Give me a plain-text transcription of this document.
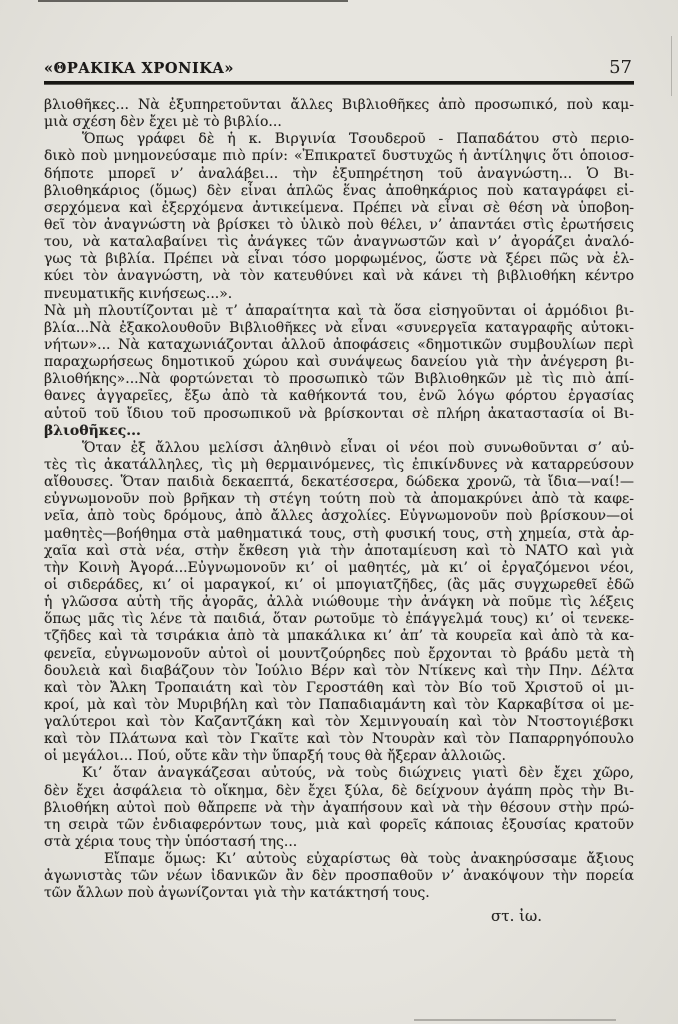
«ΘΡΑΚΙΚΑ ΧΡΟΝΙΚΑ»	57
βλιοθῆκες... Νὰ ἐξυπηρετοῦνται ἄλλες Βιβλιοθῆκες ἀπὸ προσωπικό, ποὺ καμ-
μιὰ σχέση δὲν ἔχει μὲ τὸ βιβλίο...
Ὅπως γράφει δὲ ἡ κ. Βιργινία Τσουδεροῦ - Παπαδάτου στὸ περιο-
δικὸ ποὺ μνημονεύσαμε πιὸ πρίν: «Ἐπικρατεῖ δυστυχῶς ἡ ἀντίληψις ὅτι ὁποιοσ-
δήποτε μπορεῖ ν’ ἀναλάβει... τὴν ἐξυπηρέτηση τοῦ ἀναγνώστη... Ὁ Βι-
βλιοθηκάριος (ὅμως) δὲν εἶναι ἁπλῶς ἕνας ἀποθηκάριος ποὺ καταγράφει εἰ-
σερχόμενα καὶ ἐξερχόμενα ἀντικείμενα. Πρέπει νὰ εἶναι σὲ θέση νὰ ὑποβοη-
θεῖ τὸν ἀναγνώστη νὰ βρίσκει τὸ ὑλικὸ ποὺ θέλει, ν’ ἀπαντάει στὶς ἐρωτήσεις
του, νὰ καταλαβαίνει τὶς ἀνάγκες τῶν ἀναγνωστῶν καὶ ν’ ἀγοράζει ἀναλό-
γως τὰ βιβλία. Πρέπει νὰ εἶναι τόσο μορφωμένος, ὥστε νὰ ξέρει πῶς νὰ ἑλ-
κύει τὸν ἀναγνώστη, νὰ τὸν κατευθύνει καὶ νὰ κάνει τὴ βιβλιοθήκη κέντρο
πνευματικῆς κινήσεως...».
Νὰ μὴ πλουτίζονται μὲ τ’ ἀπαραίτητα καὶ τὰ ὅσα εἰσηγοῦνται οἱ ἁρμόδιοι βι-
βλία...Νὰ ἐξακολουθοῦν Βιβλιοθῆκες νὰ εἶναι «συνεργεῖα καταγραφῆς αὐτοκι-
νήτων»... Νὰ καταχωνιάζονται ἀλλοῦ ἀποφάσεις «δημοτικῶν συμβουλίων περὶ
παραχωρήσεως δημοτικοῦ χώρου καὶ συνάψεως δανείου γιὰ τὴν ἀνέγερση βι-
βλιοθήκης»...Νὰ φορτώνεται τὸ προσωπικὸ τῶν Βιβλιοθηκῶν μὲ τὶς πιὸ ἀπί-
θανες ἀγγαρεῖες, ἔξω ἀπὸ τὰ καθήκοντά του, ἐνῶ λόγω φόρτου ἐργασίας
αὐτοῦ τοῦ ἴδιου τοῦ προσωπικοῦ νὰ βρίσκονται σὲ πλήρη ἀκαταστασία οἱ Βι-
βλιοθῆκες...
Ὅταν ἐξ ἄλλου μελίσσι ἀληθινὸ εἶναι οἱ νέοι ποὺ συνωθοῦνται σ’ αὐ-
τὲς τὶς ἀκατάλληλες, τὶς μὴ θερμαινόμενες, τὶς ἐπικίνδυνες νὰ καταρρεύσουν
αἴθουσες. Ὅταν παιδιὰ δεκαεπτά, δεκατέσσερα, δώδεκα χρονῶ, τὰ ἴδια—ναί!—
εὐγνωμονοῦν ποὺ βρῆκαν τὴ στέγη τούτη ποὺ τὰ ἀπομακρύνει ἀπὸ τὰ καφε-
νεῖα, ἀπὸ τοὺς δρόμους, ἀπὸ ἄλλες ἀσχολίες. Εὐγνωμονοῦν ποὺ βρίσκουν—οἱ
μαθητὲς—βοήθημα στὰ μαθηματικά τους, στὴ φυσική τους, στὴ χημεία, στὰ ἀρ-
χαῖα καὶ στὰ νέα, στὴν ἔκθεση γιὰ τὴν ἀποταμίευση καὶ τὸ ΝΑΤΟ καὶ γιὰ
τὴν Κοινὴ Ἀγορά...Εὐγνωμονοῦν κι’ οἱ μαθητές, μὰ κι’ οἱ ἐργαζόμενοι νέοι,
οἱ σιδεράδες, κι’ οἱ μαραγκοί, κι’ οἱ μπογιατζῆδες, (ἂς μᾶς συγχωρεθεῖ ἐδῶ
ἡ γλῶσσα αὐτὴ τῆς ἀγορᾶς, ἀλλὰ νιώθουμε τὴν ἀνάγκη νὰ ποῦμε τὶς λέξεις
ὅπως μᾶς τὶς λένε τὰ παιδιά, ὅταν ρωτοῦμε τὸ ἐπάγγελμά τους) κι’ οἱ τενεκε-
τζῆδες καὶ τὰ τσιράκια ἀπὸ τὰ μπακάλικα κι’ ἀπ’ τὰ κουρεῖα καὶ ἀπὸ τὰ κα-
φενεῖα, εὐγνωμονοῦν αὐτοὶ οἱ μουντζούρηδες ποὺ ἔρχονται τὸ βράδυ μετὰ τὴ
δουλειὰ καὶ διαβάζουν τὸν Ἰούλιο Βέρν καὶ τὸν Ντίκενς καὶ τὴν Πην. Δέλτα
καὶ τὸν Ἄλκη Τροπαιάτη καὶ τὸν Γεροστάθη καὶ τὸν Βίο τοῦ Χριστοῦ οἱ μι-
κροί, μὰ καὶ τὸν Μυριβήλη καὶ τὸν Παπαδιαμάντη καὶ τὸν Καρκαβίτσα οἱ με-
γαλύτεροι καὶ τὸν Καζαντζάκη καὶ τὸν Χεμινγουαίη καὶ τὸν Ντοστογιέβσκι
καὶ τὸν Πλάτωνα καὶ τὸν Γκαῖτε καὶ τὸν Ντουρὰν καὶ τὸν Παπαρρηγόπουλο
οἱ μεγάλοι... Πού, οὔτε κἂν τὴν ὕπαρξή τους θὰ ἤξεραν ἀλλοιῶς.
Κι’ ὅταν ἀναγκάζεσαι αὐτούς, νὰ τοὺς διώχνεις γιατὶ δὲν ἔχει χῶρο,
δὲν ἔχει ἀσφάλεια τὸ οἴκημα, δὲν ἔχει ξύλα, δὲ δείχνουν ἀγάπη πρὸς τὴν Βι-
βλιοθήκη αὐτοὶ ποὺ θἄπρεπε νὰ τὴν ἀγαπήσουν καὶ νὰ τὴν θέσουν στὴν πρώ-
τη σειρὰ τῶν ἐνδιαφερόντων τους, μιὰ καὶ φορεῖς κάποιας ἐξουσίας κρατοῦν
στὰ χέρια τους τὴν ὑπόστασή της...
Εἴπαμε ὅμως: Κι’ αὐτοὺς εὐχαρίστως θὰ τοὺς ἀνακηρύσσαμε ἄξιους
ἀγωνιστὰς τῶν νέων ἰδανικῶν ἂν δὲν προσπαθοῦν ν’ ἀνακόψουν τὴν πορεία
τῶν ἄλλων ποὺ ἀγωνίζονται γιὰ τὴν κατάκτησή τους.
στ. ἰω.
